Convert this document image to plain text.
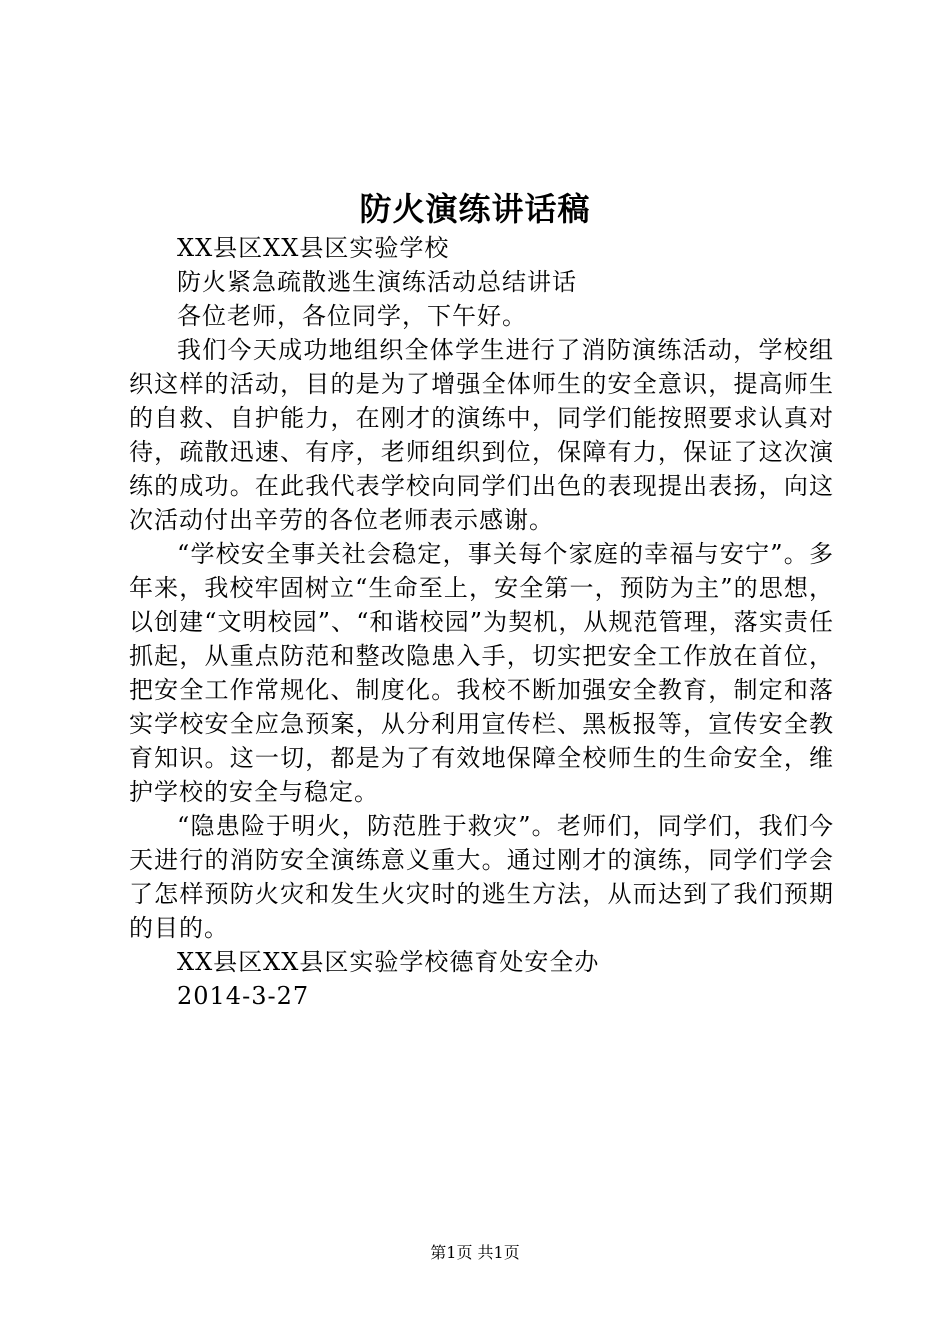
防火演练讲话稿

XX县区XX县区实验学校

防火紧急疏散逃生演练活动总结讲话

各位老师，各位同学，下午好。

我们今天成功地组织全体学生进行了消防演练活动，学校组织这样的活动，目的是为了增强全体师生的安全意识，提高师生的自救、自护能力，在刚才的演练中，同学们能按照要求认真对待，疏散迅速、有序，老师组织到位，保障有力，保证了这次演练的成功。在此我代表学校向同学们出色的表现提出表扬，向这次活动付出辛劳的各位老师表示感谢。

“学校安全事关社会稳定，事关每个家庭的幸福与安宁”。多年来，我校牢固树立“生命至上，安全第一，预防为主”的思想，以创建“文明校园”、“和谐校园”为契机，从规范管理，落实责任抓起，从重点防范和整改隐患入手，切实把安全工作放在首位，把安全工作常规化、制度化。我校不断加强安全教育，制定和落实学校安全应急预案，从分利用宣传栏、黑板报等，宣传安全教育知识。这一切，都是为了有效地保障全校师生的生命安全，维护学校的安全与稳定。

“隐患险于明火，防范胜于救灾”。老师们，同学们，我们今天进行的消防安全演练意义重大。通过刚才的演练，同学们学会了怎样预防火灾和发生火灾时的逃生方法，从而达到了我们预期的目的。

XX县区XX县区实验学校德育处安全办

2014-3-27

第1页 共1页
